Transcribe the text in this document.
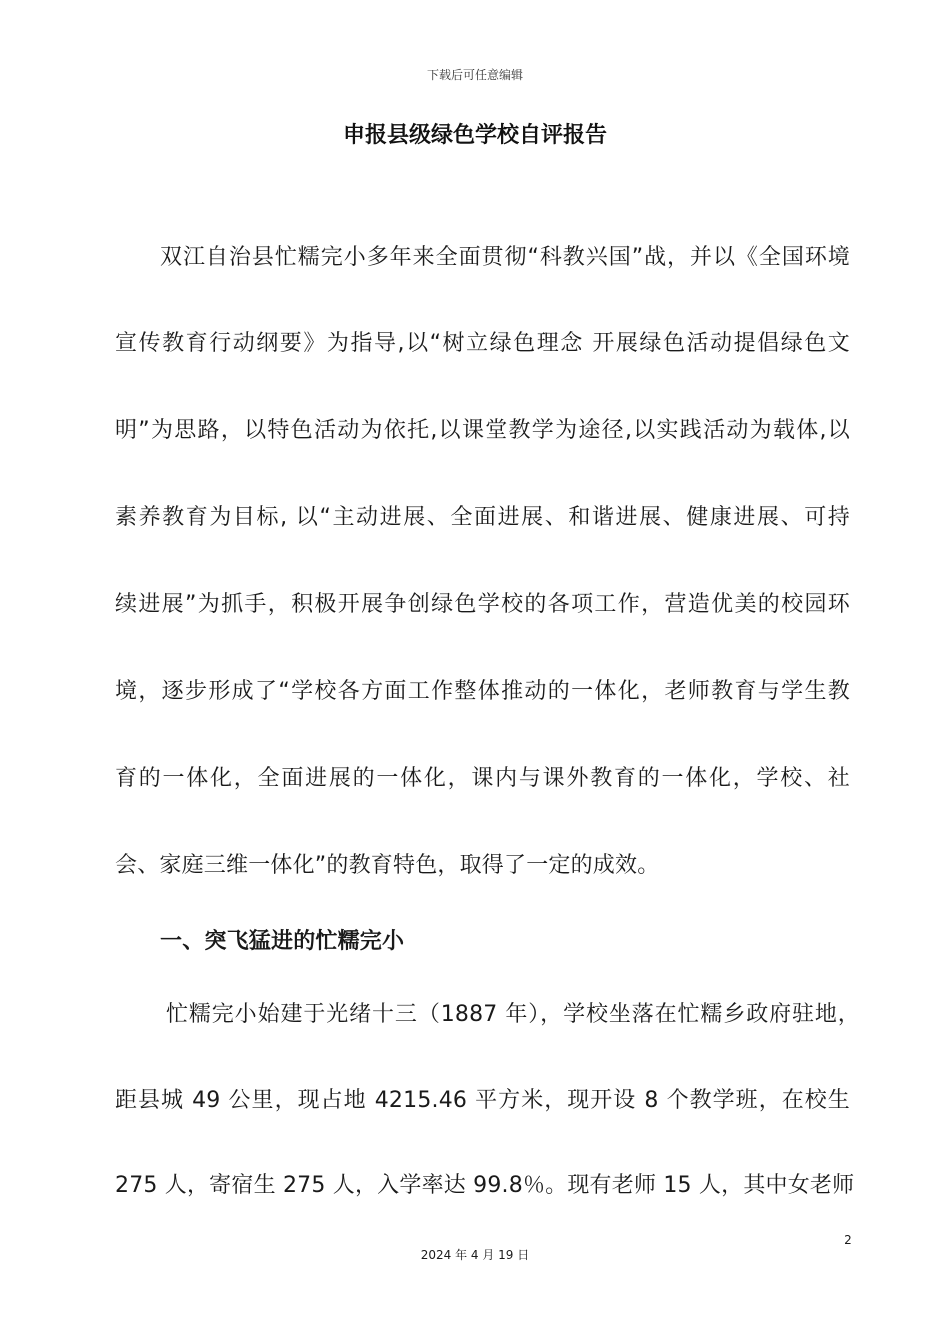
下载后可任意编辑
申报县级绿色学校自评报告
双江自治县忙糯完小多年来全面贯彻“科教兴国”战，并以《全国环境
宣传教育行动纲要》为指导,以“树立绿色理念 开展绿色活动提倡绿色文
明”为思路，以特色活动为依托,以课堂教学为途径,以实践活动为载体,以
素养教育为目标, 以“主动进展、全面进展、和谐进展、健康进展、可持
续进展”为抓手，积极开展争创绿色学校的各项工作，营造优美的校园环
境，逐步形成了“学校各方面工作整体推动的一体化，老师教育与学生教
育的一体化，全面进展的一体化，课内与课外教育的一体化，学校、社
会、家庭三维一体化”的教育特色，取得了一定的成效。
一、突飞猛进的忙糯完小
忙糯完小始建于光绪十三（1887 年），学校坐落在忙糯乡政府驻地，
距县城 49 公里，现占地 4215.46 平方米，现开设 8 个教学班，在校生
275 人，寄宿生 275 人，入学率达 99.8％。现有老师 15 人，其中女老师
2
2024 年 4 月 19 日
